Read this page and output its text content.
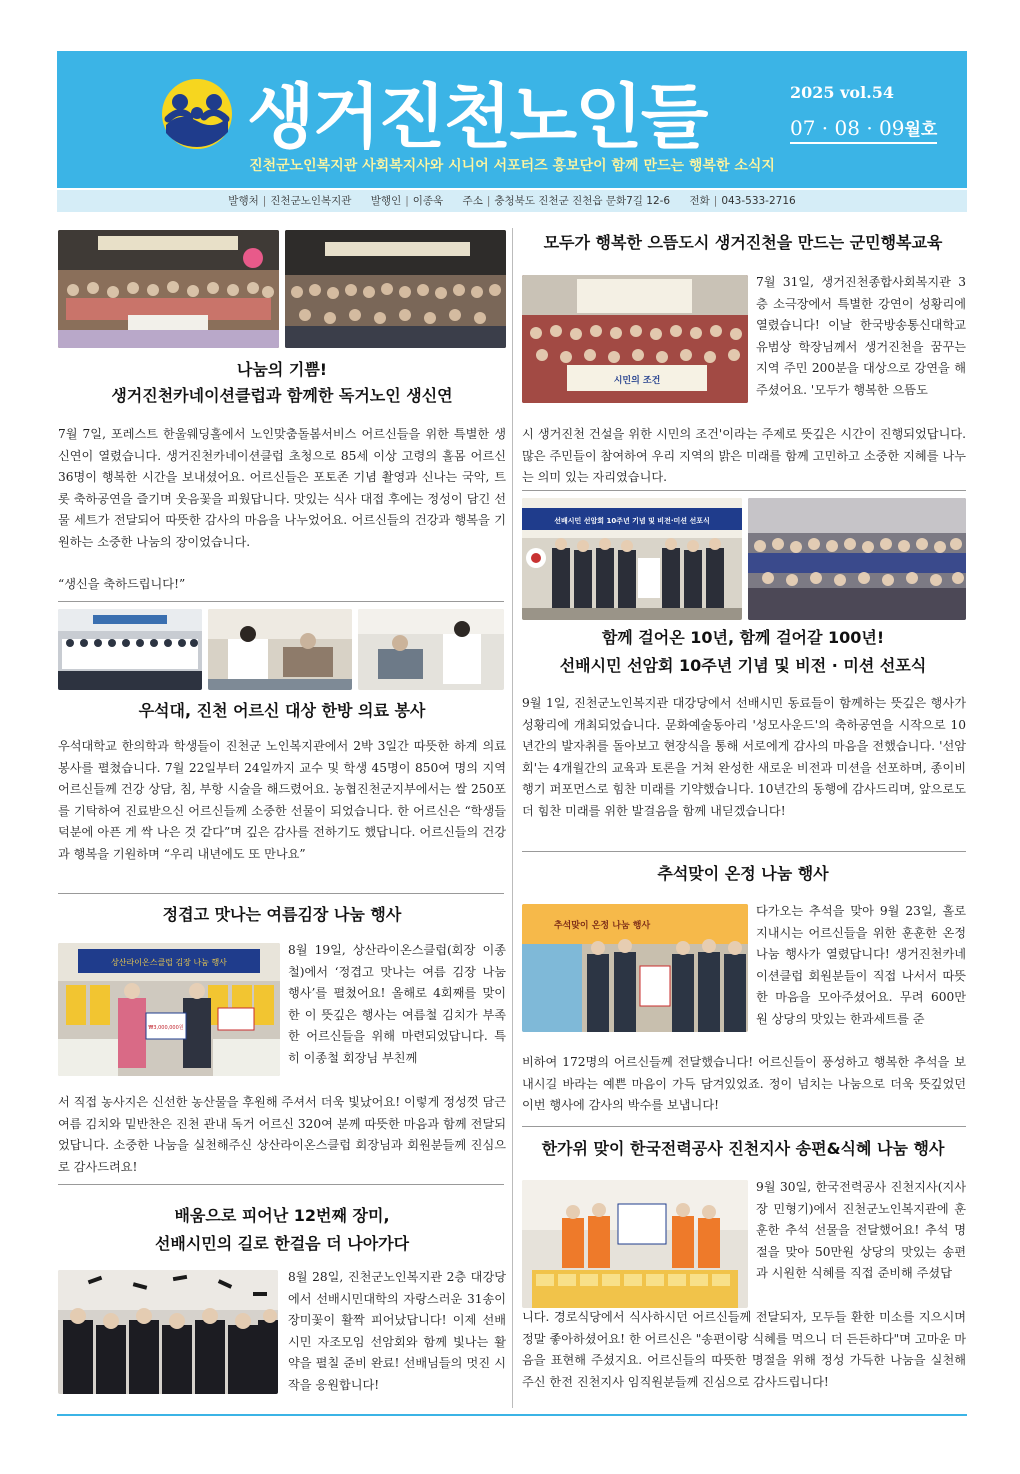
생거진천노인들	2025 vol.54
07 · 08 · 09월호
진천군노인복지관 사회복지사와 시니어 서포터즈 홍보단이 함께 만드는 행복한 소식지
발행처 | 진천군노인복지관 발행인 | 이종욱 주소 | 충청북도 진천군 진천읍 문화7길 12-6 전화 | 043-533-2716
나눔의 기쁨!
생거진천카네이션클럽과 함께한 독거노인 생신연
7월 7일, 포레스트 한울웨딩홀에서 노인맞춤돌봄서비스 어르신들을 위한 특별한 생신연이 열렸습니다. 생거진천카네이션클럽 초청으로 85세 이상 고령의 홀몸 어르신 36명이 행복한 시간을 보내셨어요. 어르신들은 포토존 기념 촬영과 신나는 국악, 트롯 축하공연을 즐기며 웃음꽃을 피웠답니다. 맛있는 식사 대접 후에는 정성이 담긴 선물 세트가 전달되어 따뜻한 감사의 마음을 나누었어요. 어르신들의 건강과 행복을 기원하는 소중한 나눔의 장이었습니다.
“생신을 축하드립니다!”
우석대, 진천 어르신 대상 한방 의료 봉사
우석대학교 한의학과 학생들이 진천군 노인복지관에서 2박 3일간 따뜻한 하계 의료봉사를 펼쳤습니다. 7월 22일부터 24일까지 교수 및 학생 45명이 850여 명의 지역 어르신들께 건강 상담, 침, 부항 시술을 해드렸어요. 농협진천군지부에서는 쌀 250포를 기탁하여 진료받으신 어르신들께 소중한 선물이 되었습니다. 한 어르신은 “학생들 덕분에 아픈 게 싹 나은 것 같다”며 깊은 감사를 전하기도 했답니다. 어르신들의 건강과 행복을 기원하며 “우리 내년에도 또 만나요”
정겹고 맛나는 여름김장 나눔 행사
상산라이온스클럽 김장 나눔 행사
₩3,000,000원
8월 19일, 상산라이온스클럽(회장 이종철)에서 ‘정겹고 맛나는 여름 김장 나눔 행사’를 펼쳤어요! 올해로 4회째를 맞이한 이 뜻깊은 행사는 여름철 김치가 부족한 어르신들을 위해 마련되었답니다. 특히 이종철 회장님 부친께
서 직접 농사지은 신선한 농산물을 후원해 주셔서 더욱 빛났어요! 이렇게 정성껏 담근 여름 김치와 밑반찬은 진천 관내 독거 어르신 320여 분께 따뜻한 마음과 함께 전달되었답니다. 소중한 나눔을 실천해주신 상산라이온스클럽 회장님과 회원분들께 진심으로 감사드려요!
배움으로 피어난 12번째 장미,
선배시민의 길로 한걸음 더 나아가다
8월 28일, 진천군노인복지관 2층 대강당에서 선배시민대학의 자랑스러운 31송이 장미꽃이 활짝 피어났답니다! 이제 선배시민 자조모임 선암회와 함께 빛나는 활약을 펼칠 준비 완료! 선배님들의 멋진 시작을 응원합니다!
모두가 행복한 으뜸도시 생거진천을 만드는 군민행복교육
시민의 조건
7월 31일, 생거진천종합사회복지관 3층 소극장에서 특별한 강연이 성황리에 열렸습니다! 이날 한국방송통신대학교 유범상 학장님께서 생거진천을 꿈꾸는 지역 주민 200분을 대상으로 강연을 해 주셨어요. '모두가 행복한 으뜸도
시 생거진천 건설을 위한 시민의 조건'이라는 주제로 뜻깊은 시간이 진행되었답니다. 많은 주민들이 참여하여 우리 지역의 밝은 미래를 함께 고민하고 소중한 지혜를 나누는 의미 있는 자리였습니다.
선배시민 선암회 10주년 기념 및 비전·미션 선포식
함께 걸어온 10년, 함께 걸어갈 100년!
선배시민 선암회 10주년 기념 및 비전 · 미션 선포식
9월 1일, 진천군노인복지관 대강당에서 선배시민 동료들이 함께하는 뜻깊은 행사가 성황리에 개최되었습니다. 문화예술동아리 '성모사운드'의 축하공연을 시작으로 10년간의 발자취를 돌아보고 현장식을 통해 서로에게 감사의 마음을 전했습니다. '선암회'는 4개월간의 교육과 토론을 거쳐 완성한 새로운 비전과 미션을 선포하며, 종이비행기 퍼포먼스로 힘찬 미래를 기약했습니다. 10년간의 동행에 감사드리며, 앞으로도 더 힘찬 미래를 위한 발걸음을 함께 내딛겠습니다!
추석맞이 온정 나눔 행사
추석맞이 온정 나눔 행사
다가오는 추석을 맞아 9월 23일, 홀로 지내시는 어르신들을 위한 훈훈한 온정 나눔 행사가 열렸답니다! 생거진천카네이션클럽 회원분들이 직접 나서서 따뜻한 마음을 모아주셨어요. 무려 600만 원 상당의 맛있는 한과세트를 준
비하여 172명의 어르신들께 전달했습니다! 어르신들이 풍성하고 행복한 추석을 보내시길 바라는 예쁜 마음이 가득 담겨있었죠. 정이 넘치는 나눔으로 더욱 뜻깊었던 이번 행사에 감사의 박수를 보냅니다!
한가위 맞이 한국전력공사 진천지사 송편&식혜 나눔 행사
9월 30일, 한국전력공사 진천지사(지사장 민형기)에서 진천군노인복지관에 훈훈한 추석 선물을 전달했어요! 추석 명절을 맞아 50만원 상당의 맛있는 송편과 시원한 식혜를 직접 준비해 주셨답
니다. 경로식당에서 식사하시던 어르신들께 전달되자, 모두들 환한 미소를 지으시며 정말 좋아하셨어요! 한 어르신은 "송편이랑 식혜를 먹으니 더 든든하다"며 고마운 마음을 표현해 주셨지요. 어르신들의 따뜻한 명절을 위해 정성 가득한 나눔을 실천해 주신 한전 진천지사 임직원분들께 진심으로 감사드립니다!
